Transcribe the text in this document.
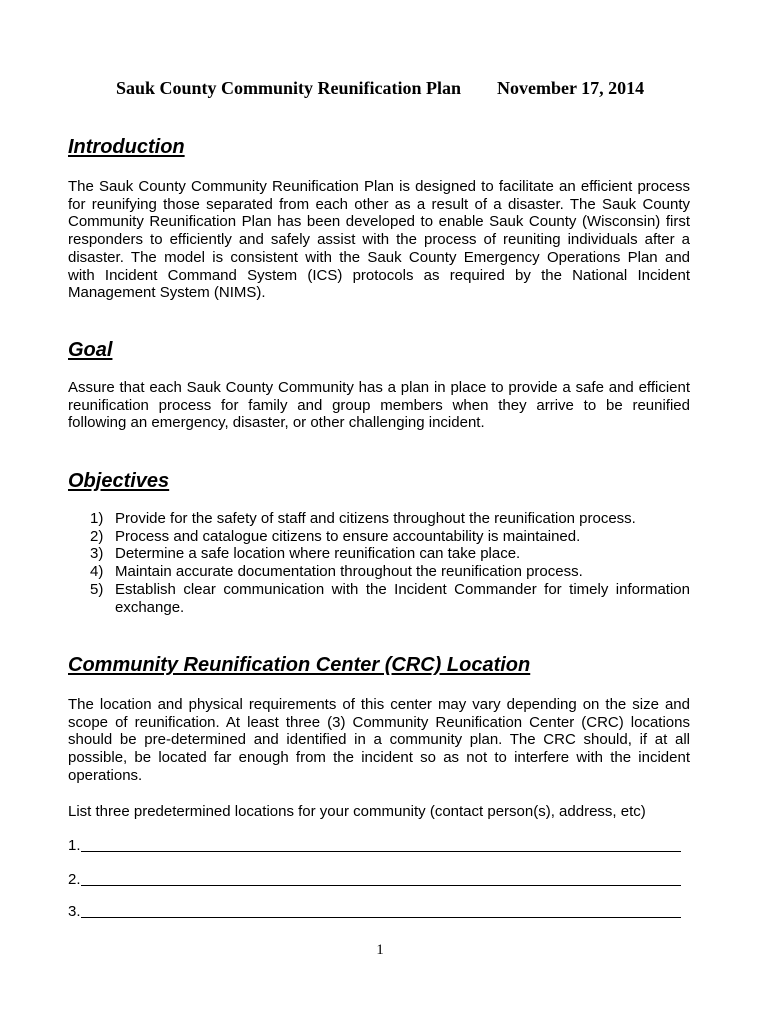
Sauk County Community Reunification Plan November 17, 2014
Introduction
The Sauk County Community Reunification Plan is designed to facilitate an efficient process
for reunifying those separated from each other as a result of a disaster. The Sauk County
Community Reunification Plan has been developed to enable Sauk County (Wisconsin) first
responders to efficiently and safely assist with the process of reuniting individuals after a
disaster. The model is consistent with the Sauk County Emergency Operations Plan and
with Incident Command System (ICS) protocols as required by the National Incident
Management System (NIMS).
Goal
Assure that each Sauk County Community has a plan in place to provide a safe and efficient
reunification process for family and group members when they arrive to be reunified
following an emergency, disaster, or other challenging incident.
Objectives
1) Provide for the safety of staff and citizens throughout the reunification process.
2) Process and catalogue citizens to ensure accountability is maintained.
3) Determine a safe location where reunification can take place.
4) Maintain accurate documentation throughout the reunification process.
5) Establish clear communication with the Incident Commander for timely information
exchange.
Community Reunification Center (CRC) Location
The location and physical requirements of this center may vary depending on the size and
scope of reunification. At least three (3) Community Reunification Center (CRC) locations
should be pre-determined and identified in a community plan. The CRC should, if at all
possible, be located far enough from the incident so as not to interfere with the incident
operations.
List three predetermined locations for your community (contact person(s), address, etc)
1.
2.
3.
1
